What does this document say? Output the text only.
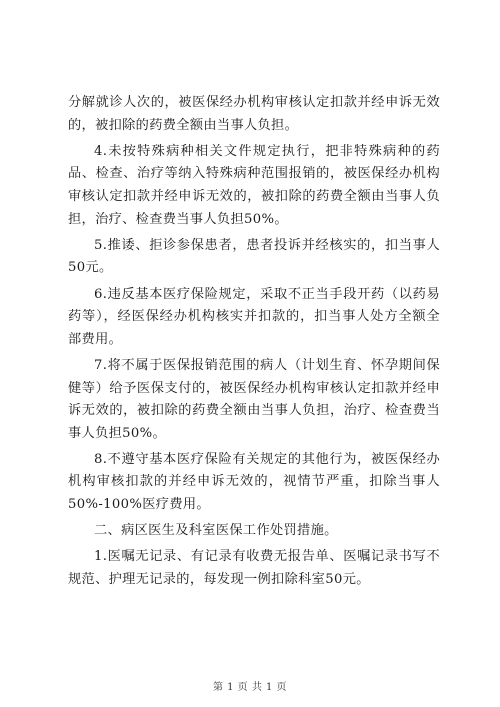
分解就诊人次的，被医保经办机构审核认定扣款并经申诉无效的，被扣除的药费全额由当事人负担。

4.未按特殊病种相关文件规定执行，把非特殊病种的药品、检查、治疗等纳入特殊病种范围报销的，被医保经办机构审核认定扣款并经申诉无效的，被扣除的药费全额由当事人负担，治疗、检查费当事人负担50%。

5.推诿、拒诊参保患者，患者投诉并经核实的，扣当事人50元。

6.违反基本医疗保险规定，采取不正当手段开药（以药易药等），经医保经办机构核实并扣款的，扣当事人处方全额全部费用。

7.将不属于医保报销范围的病人（计划生育、怀孕期间保健等）给予医保支付的，被医保经办机构审核认定扣款并经申诉无效的，被扣除的药费全额由当事人负担，治疗、检查费当事人负担50%。

8.不遵守基本医疗保险有关规定的其他行为，被医保经办机构审核扣款的并经申诉无效的，视情节严重，扣除当事人50%-100%医疗费用。

二、病区医生及科室医保工作处罚措施。

1.医嘱无记录、有记录有收费无报告单、医嘱记录书写不规范、护理无记录的，每发现一例扣除科室50元。

第 1 页 共 1 页
